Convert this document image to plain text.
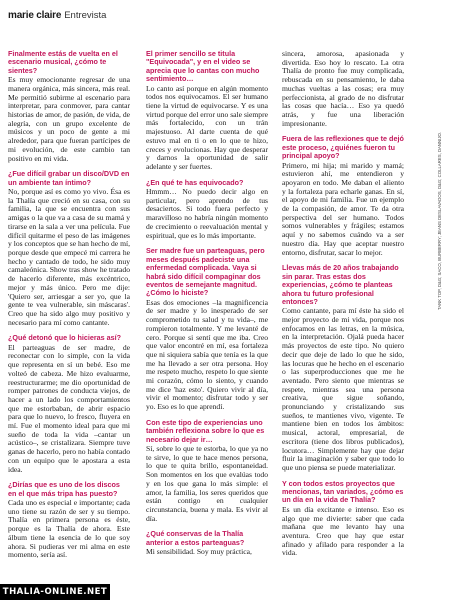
marie claire Entrevista

Finalmente estás de vuelta en el escenario musical, ¿cómo te sientes?

Es muy emocionante regresar de una manera orgánica, más sincera, más real. Me permitió subirme al escenario para interpretar, para conmover, para cantar historias de amor, de pasión, de vida, de alegría, con un grupo excelente de músicos y un poco de gente a mi alrededor, para que fueran partícipes de mi evolución, de este cambio tan positivo en mi vida.

¿Fue difícil grabar un disco/DVD en un ambiente tan íntimo?

No, porque así es como yo vivo. Ésa es la Thalía que creció en su casa, con su familia, la que se encuentra con sus amigas o la que va a casa de su mamá y tirarse en la sala a ver una película. Fue difícil quitarme el peso de las imágenes y los conceptos que se han hecho de mí, porque desde que empecé mi carrera he hecho y cantado de todo, he sido muy camaleónica. Show tras show he tratado de hacerlo diferente, más excéntrico, mejor y más único. Pero me dije: 'Quiero ser, arriesgar a ser yo, que la gente te vea vulnerable, sin máscaras'. Creo que ha sido algo muy positivo y necesario para mí como cantante.

¿Qué detonó que lo hicieras así?

El parteaguas de ser madre, de reconectar con lo simple, con la vida que representa en sí un bebé. Eso me volteó de cabeza. Me hizo evaluarme, reestructurarme; me dio oportunidad de romper patrones de conducta viejos, de hacer a un lado los comportamientos que me estorbaban, de abrir espacio para que lo nuevo, lo fresco, fluyera en mí. Fue el momento ideal para que mi sueño de toda la vida –cantar un acústico–, se cristalizara. Siempre tuve ganas de hacerlo, pero no había contado con un equipo que le apostara a esta idea.

¿Dirías que es uno de los discos en el que más tripa has puesto?

Cada uno es especial e importante; cada uno tiene su razón de ser y su tiempo. Thalía en primera persona es éste, porque es la Thalía de ahora. Este álbum tiene la esencia de lo que soy ahora. Si pudieras ver mi alma en este momento, sería así.

El primer sencillo se titula "Equivocada", y en el video se aprecia que lo cantas con mucho sentimiento…

Lo canto así porque en algún momento todos nos equivocamos. El ser humano tiene la virtud de equivocarse. Y es una virtud porque del error uno sale siempre más fortalecido, con un trán majestuoso. Al darte cuenta de qué estuvo mal en ti o en lo que te hizo, creces y evolucionas. Hay que desperar y darnos la oportunidad de salir adelante y ser fuertes.

¿En qué te has equivocado?

Hmmm… No puedo decir algo en particular, pero aprendo de tus desaciertos. Si todo fuera perfecto y maravilloso no habría ningún momento de crecimiento o reevaluación mental y espiritual, que es lo más importante.

Ser madre fue un parteaguas, pero meses después padeciste una enfermedad complicada. Vaya si habrá sido difícil compaginar dos eventos de semejante magnitud. ¿Cómo lo hiciste?

Esas dos emociones –la magnificencia de ser madre y lo inesperado de ser comprometido tu salud y tu vida–, me rompieron totalmente. Y me levanté de cero. Porque si sentí que me iba. Creo que valor encontré en mí, esa fortaleza que ni siquiera sabía que tenía es la que me ha llevado a ser otra persona. Hoy me respeto mucho, respeto lo que siente mi corazón, cómo lo siento, y cuando me dice 'haz esto'. Quiero vivir al día, vivir el momento; disfrutar todo y ser yo. Eso es lo que aprendí.

Con este tipo de experiencias uno también reflexiona sobre lo que es necesario dejar ir…

Sí, sobre lo que te estorba, lo que ya no te sirve, lo que te hace menos persona, lo que te quita brillo, espontaneidad. Son momentos en los que evalúas todo y en los que gana lo más simple: el amor, la familia, los seres queridos que están contigo en cualquier circunstancia, buena y mala. Es vivir al día.

¿Qué conservas de la Thalía anterior a estos parteaguas?

Mi sensibilidad. Soy muy práctica,

sincera, amorosa, apasionada y divertida. Eso hoy lo rescato. La otra Thalía de pronto fue muy complicada, rebuscada en su pensamiento, le daba muchas vueltas a las cosas; era muy perfeccionista, al grado de no disfrutar las cosas que hacía… Eso ya quedó atrás, y fue una liberación impresionante.

Fuera de las reflexiones que te dejó este proceso, ¿quiénes fueron tu principal apoyo?

Primero, mi hija; mi marido y mamá; estuvieron ahí, me entendieron y apoyaron en todo. Me daban el aliento y la fortaleza para echarle ganas. En sí, el apoyo de mi familia. Fue un ejemplo de la compasión, de amor. Te da otra perspectiva del ser humano. Todos somos vulnerables y frágiles; estamos aquí y no sabemos cuándo va a ser nuestro día. Hay que aceptar nuestro entorno, disfrutar, sacar lo mejor.

Llevas más de 20 años trabajando sin parar. Tras estas dos experiencias, ¿cómo te planteas ahora tu futuro profesional entonces?

Como cantante, para mí éste ha sido el mejor proyecto de mi vida, porque nos enfocamos en las letras, en la música, en la interpretación. Ojalá pueda hacer más proyectos de este tipo. No quiero decir que deje de lado lo que he sido, las locuras que he hecho en el escenario o las superproducciones que me he aventado. Pero siento que mientras se respete, mientras sea una persona creativa, que sigue soñando, pronunciando y cristalizando sus sueños, te mantienes vivo, vigente. Te mantiene bien en todos los ámbitos: musical, actoral, empresarial, de escritora (tiene dos libros publicados), locutora… Simplemente hay que dejar fluir la imaginación y saber que todo lo que uno piensa se puede materializar.

Y con todos estos proyectos que mencionas, tan variados, ¿cómo es un día en la vida de Thalía?

Es un día excitante e intenso. Eso es algo que me divierte: saber que cada mañana que me levanto hay una aventura. Creo que hay que estar afinado y afilado para responder a la vida.

TANK TOP, D&G; SACO, BURBERRY; JEANS DESLAVADOS, D&G; COLLARES, DANNIJO.
THALIA-ONLINE.NET
